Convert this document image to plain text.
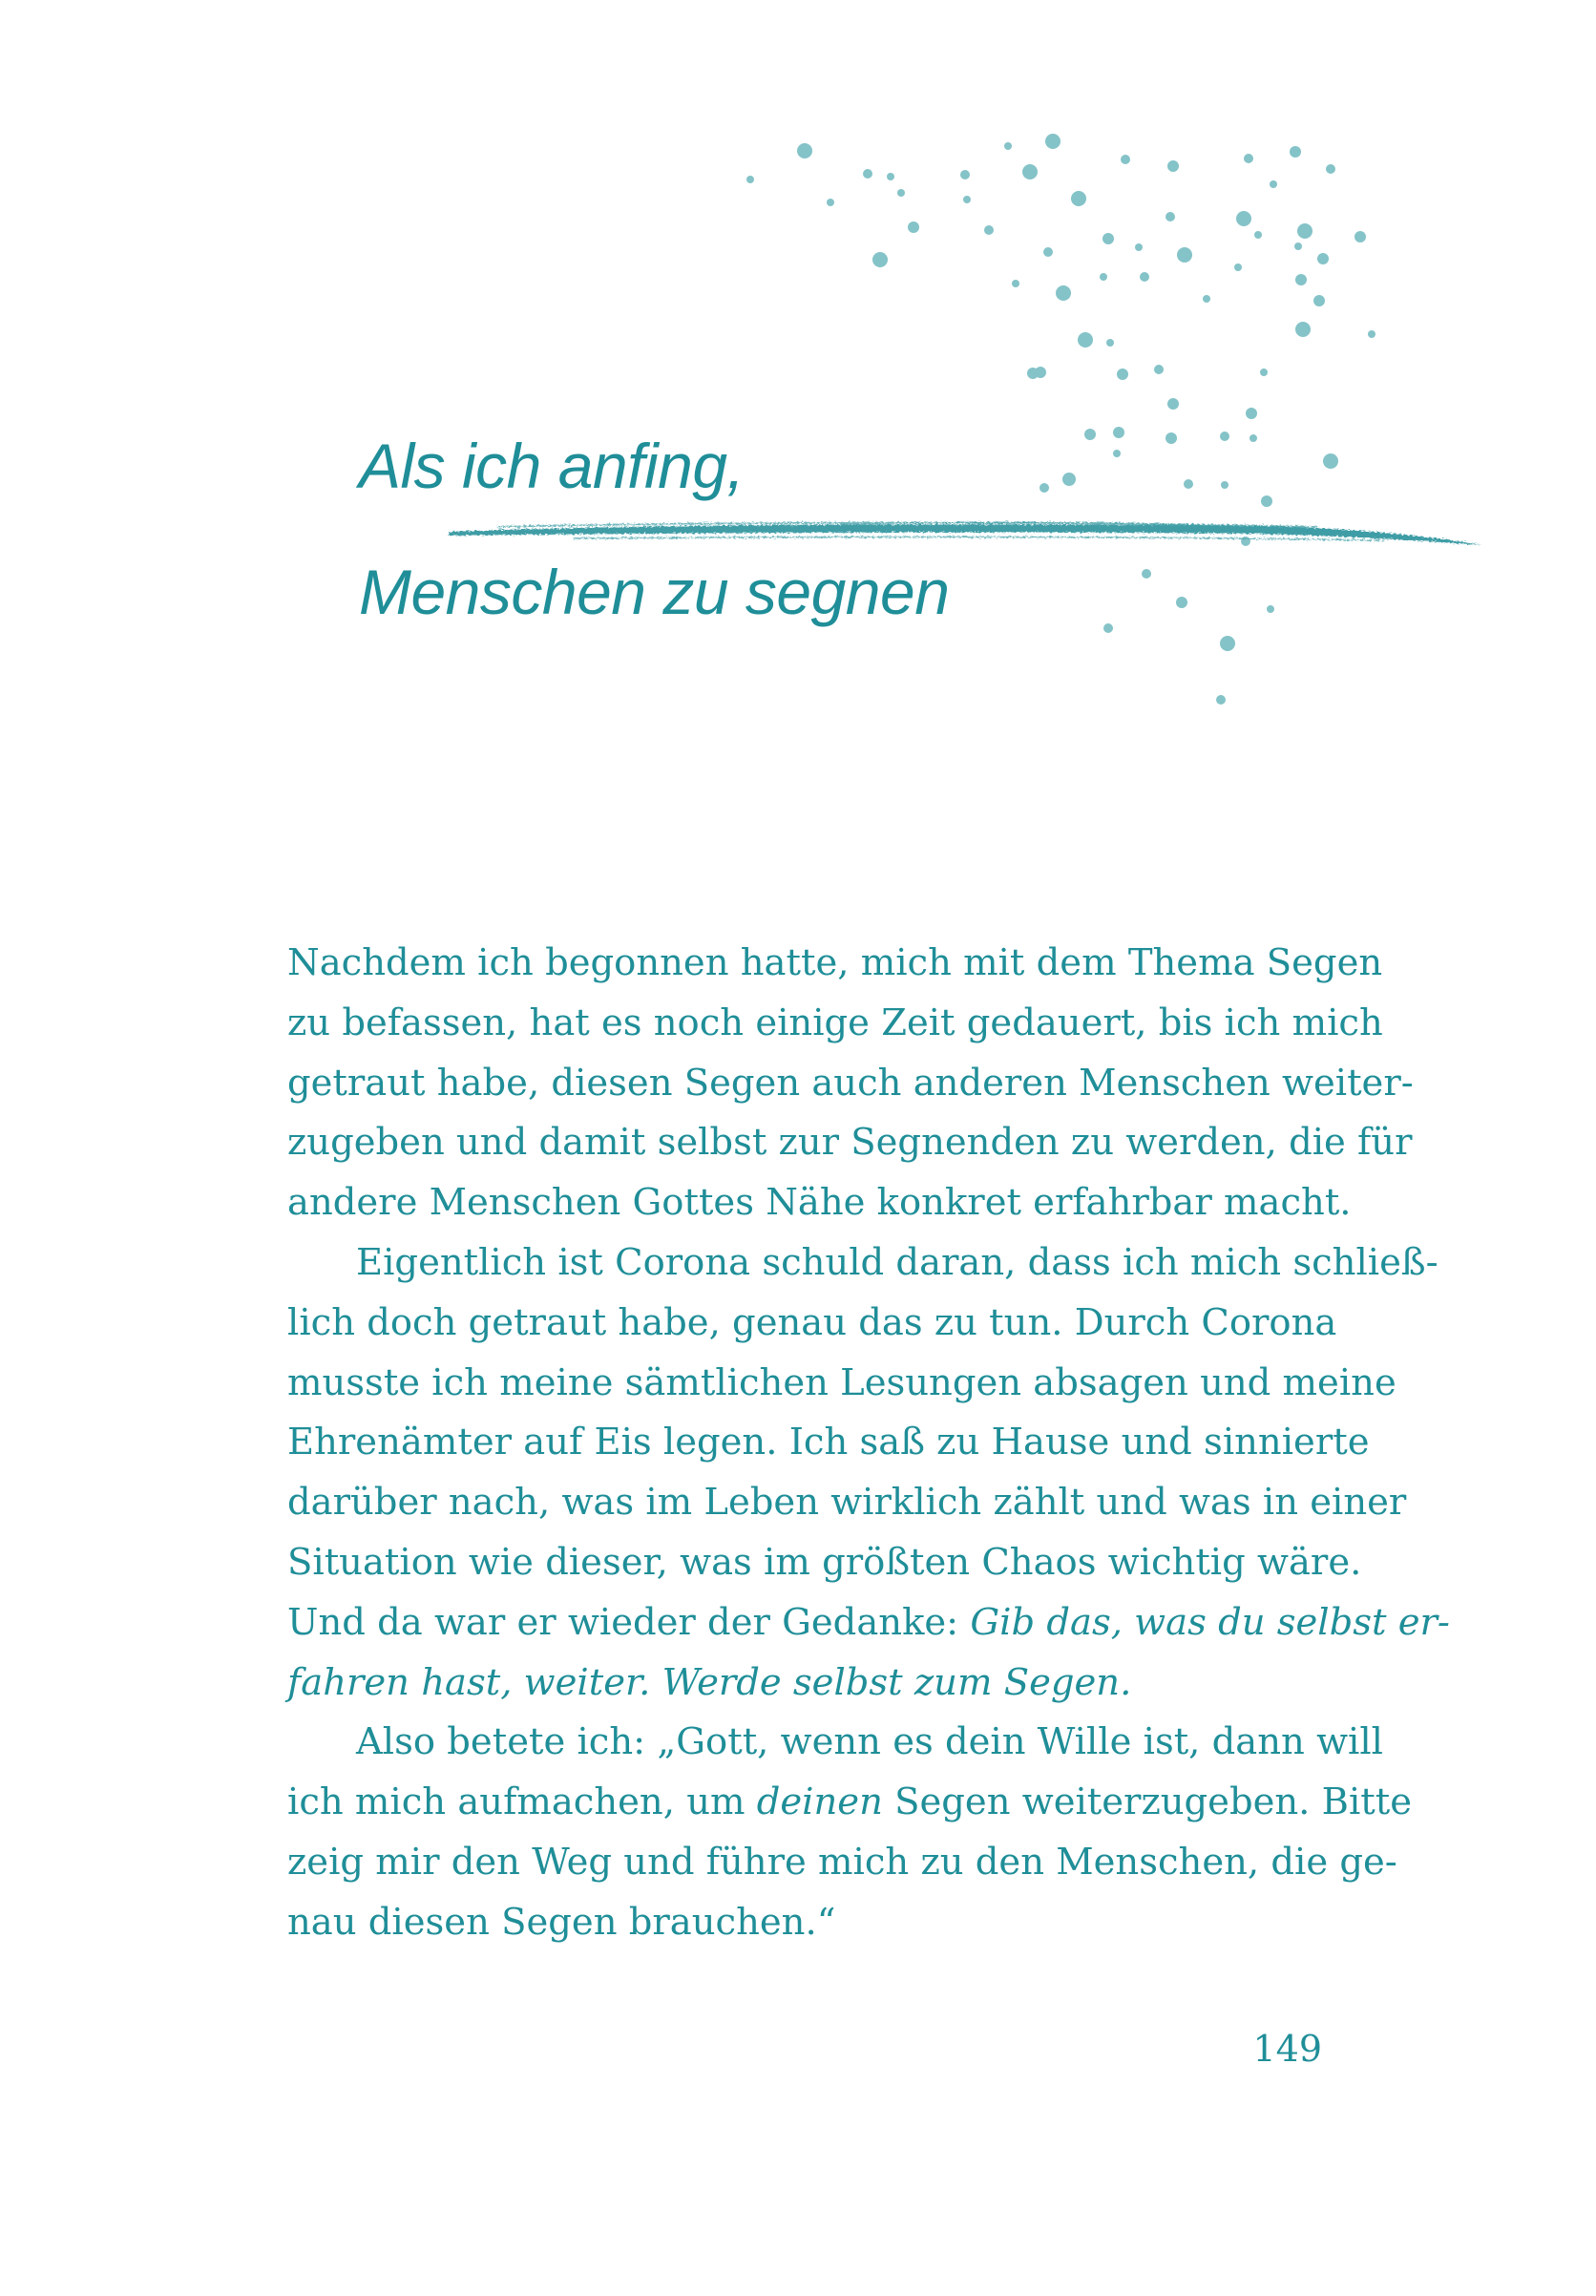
Als ich anfing,
Menschen zu segnen
Nachdem ich begonnen hatte, mich mit dem Thema Segen
zu befassen, hat es noch einige Zeit gedauert, bis ich mich
getraut habe, diesen Segen auch anderen Menschen weiter-
zugeben und damit selbst zur Segnenden zu werden, die für
andere Menschen Gottes Nähe konkret erfahrbar macht.
Eigentlich ist Corona schuld daran, dass ich mich schließ-
lich doch getraut habe, genau das zu tun. Durch Corona
musste ich meine sämtlichen Lesungen absagen und meine
Ehrenämter auf Eis legen. Ich saß zu Hause und sinnierte
darüber nach, was im Leben wirklich zählt und was in einer
Situation wie dieser, was im größten Chaos wichtig wäre.
Und da war er wieder der Gedanke: Gib das, was du selbst er-
fahren hast, weiter. Werde selbst zum Segen.
Also betete ich: „Gott, wenn es dein Wille ist, dann will
ich mich aufmachen, um deinen Segen weiterzugeben. Bitte
zeig mir den Weg und führe mich zu den Menschen, die ge-
nau diesen Segen brauchen.“
149
